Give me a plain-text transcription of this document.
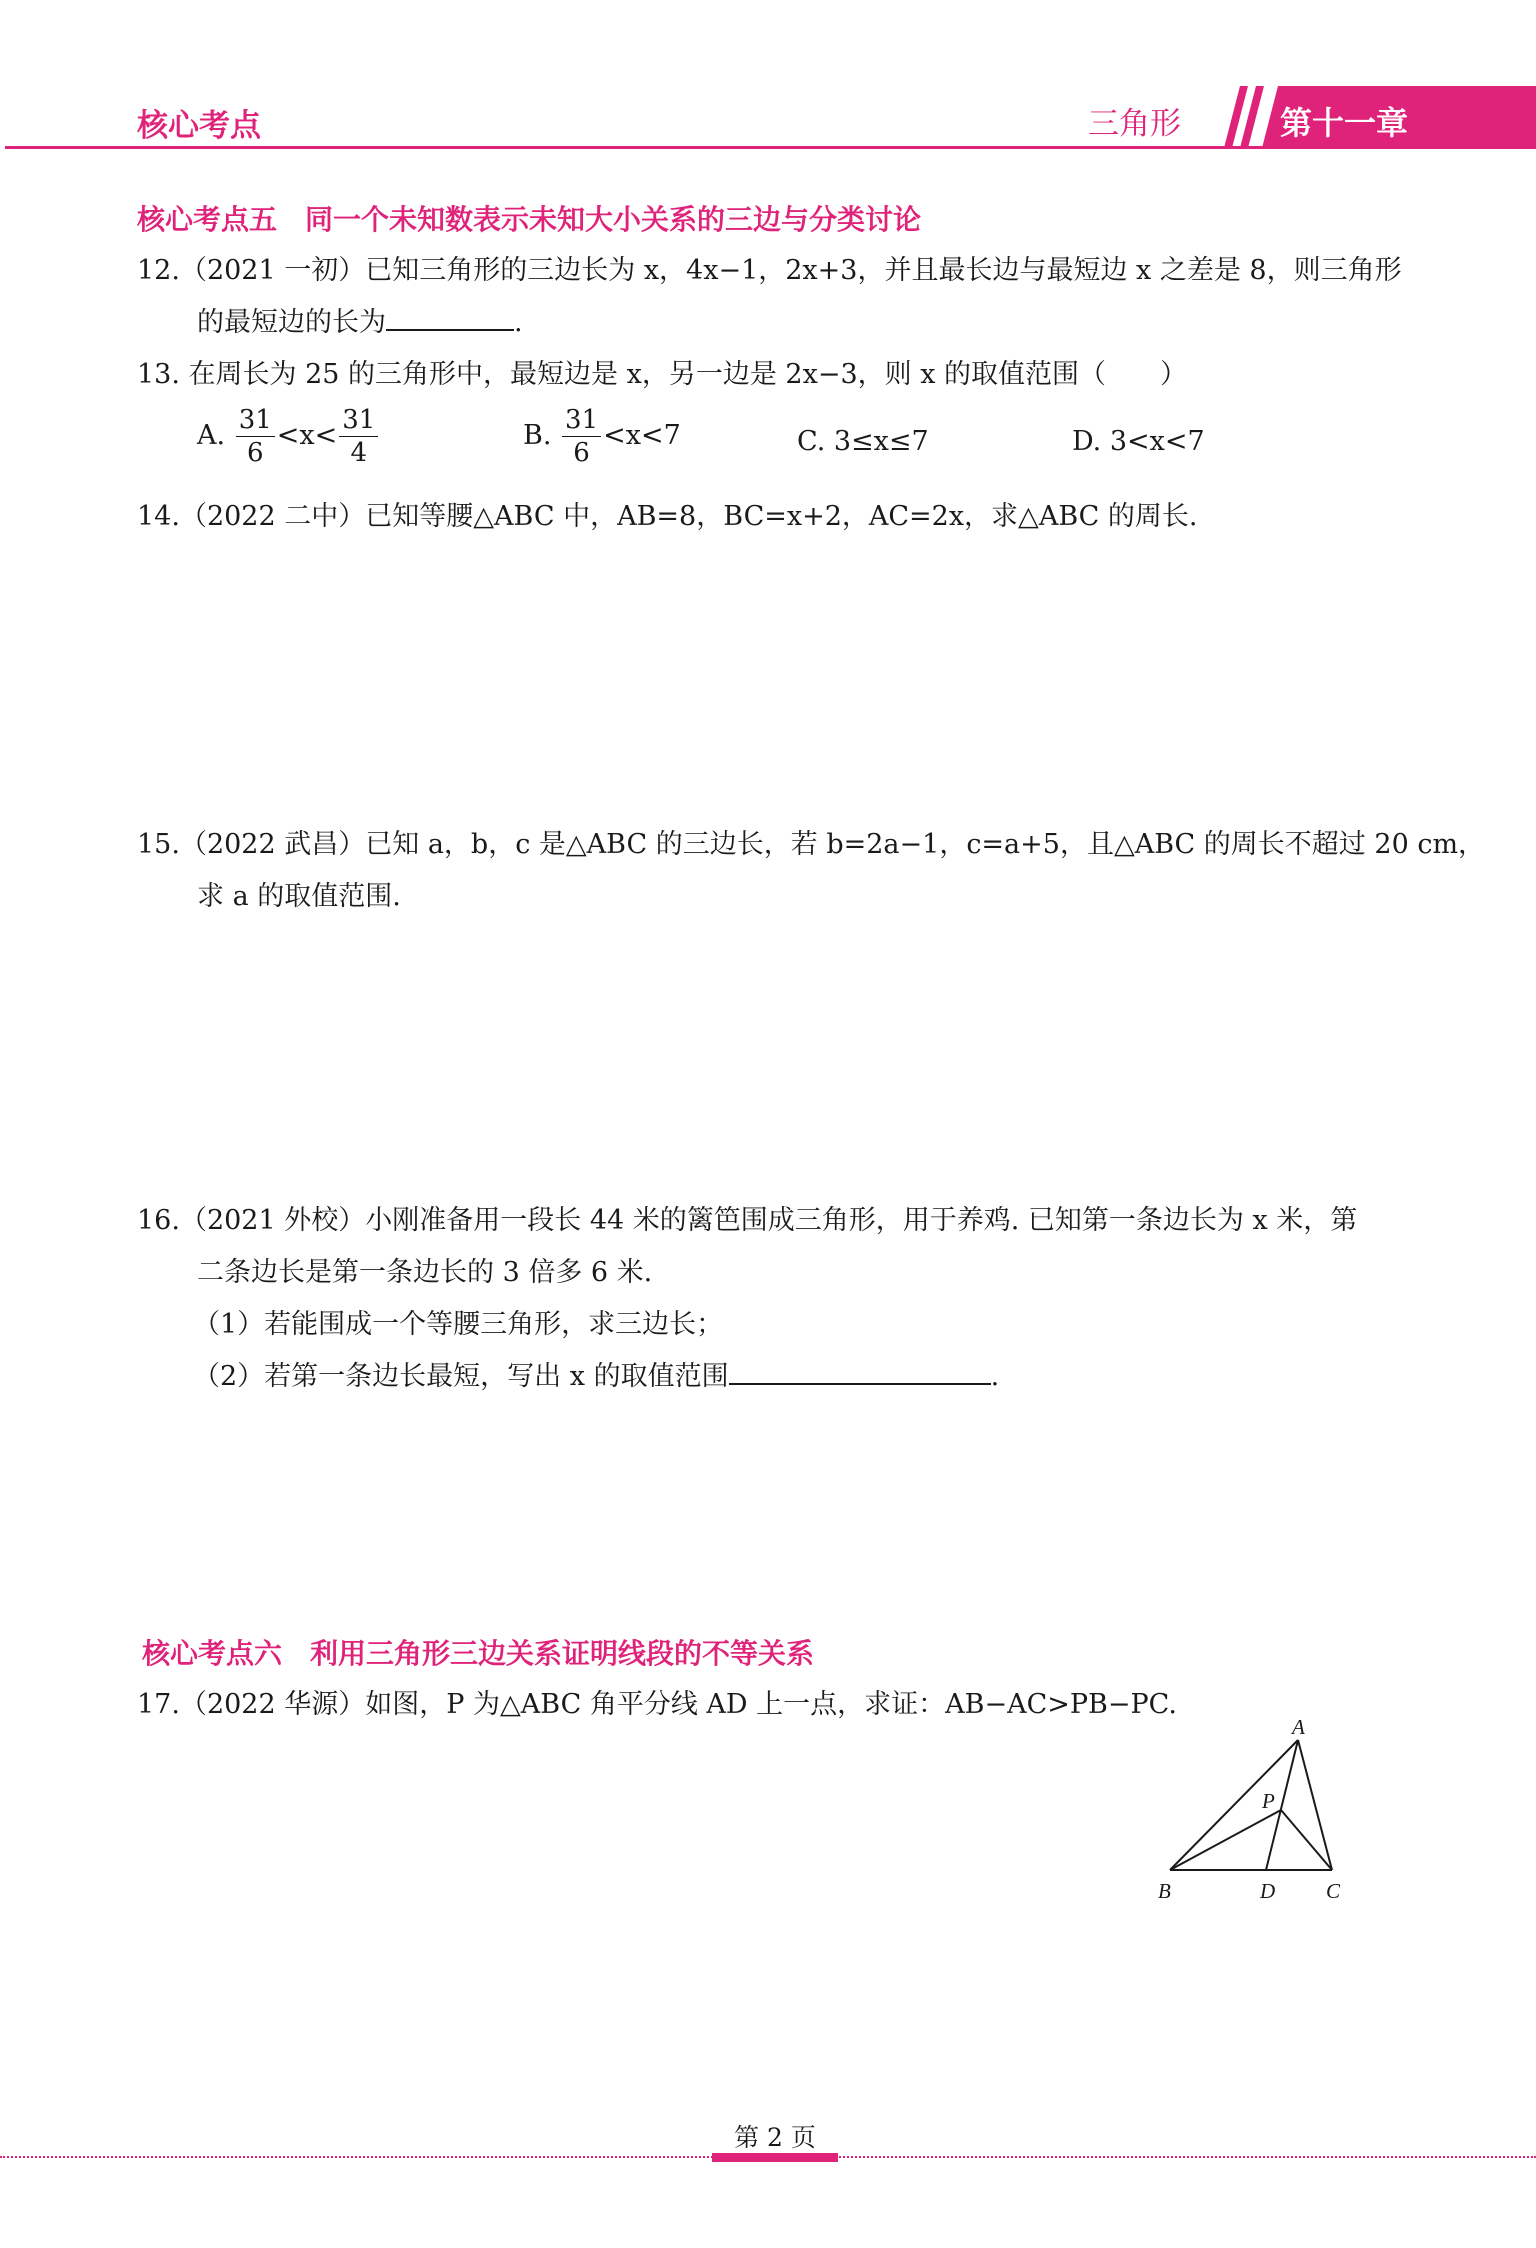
核心考点	三角形	第十一章
核心考点五　同一个未知数表示未知大小关系的三边与分类讨论
12.（2021 一初）已知三角形的三边长为 x，4x−1，2x+3，并且最长边与最短边 x 之差是 8，则三角形
的最短边的长为	.
13. 在周长为 25 的三角形中，最短边是 x，另一边是 2x−3，则 x 的取值范围（　　）
A. $\frac{31}{6} <x< \frac{31}{4}$	B. $\frac{31}{6} <x<7$	C. 3≤x≤7	D. 3<x<7
14.（2022 二中）已知等腰△ABC 中，AB=8，BC=x+2，AC=2x，求△ABC 的周长.
15.（2022 武昌）已知 a，b，c 是△ABC 的三边长，若 b=2a−1，c=a+5，且△ABC 的周长不超过 20 cm，
求 a 的取值范围.
16.（2021 外校）小刚准备用一段长 44 米的篱笆围成三角形，用于养鸡. 已知第一条边长为 x 米，第
二条边长是第一条边长的 3 倍多 6 米.
（1）若能围成一个等腰三角形，求三边长；
（2）若第一条边长最短，写出 x 的取值范围	.
核心考点六　利用三角形三边关系证明线段的不等关系
17.（2022 华源）如图，P 为△ABC 角平分线 AD 上一点，求证：AB−AC>PB−PC.
A
B	D C
P
第 2 页
